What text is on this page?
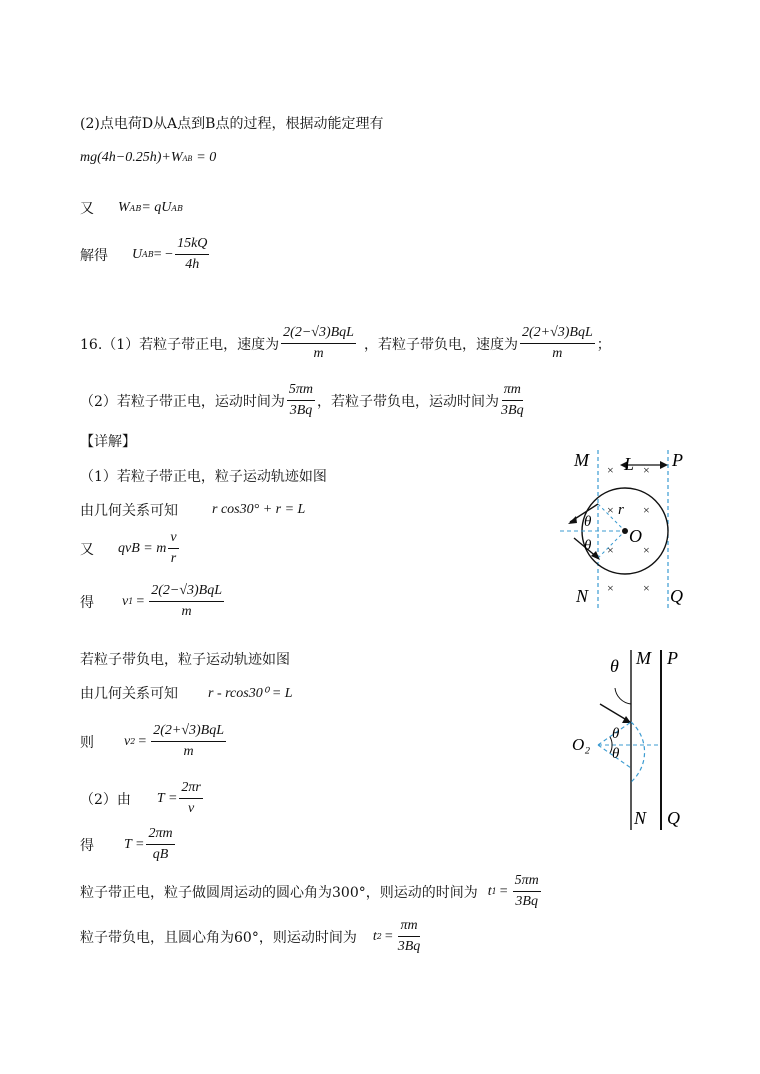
(2)点电荷D从A点到B点的过程，根据动能定理有
mg(4h−0.25h)+W AB = 0
又 W AB = qU AB
解得 U AB = − $\frac{15kQ}{4h}$
16.（1）若粒子带正电，速度为 $\frac{\text{2(2−√3)BqL}}{m}$ ，若粒子带负电，速度为 $\frac{\text{2(2+√3)BqL}}{m}$ ；
（2）若粒子带正电，运动时间为 $\frac{5\pi m}{3Bq}$ ，若粒子带负电，运动时间为 $\frac{\pi m}{3Bq}$
【详解】
（1）若粒子带正电，粒子运动轨迹如图
由几何关系可知 r cos30° + r = L
又 qvB = m $\frac{v}{r}$
得 v $1 = \frac{\text{2(2−√3)BqL}}{m}$
若粒子带负电，粒子运动轨迹如图
由几何关系可知 r - rcos30⁰ = L
则 v $2 = \frac{\text{2(2+√3)BqL}}{m}$
（2）由 $T = \frac{2\pi r}{v}$
得 $T = \frac{2\pi m}{qB}$
粒子带正电，粒子做圆周运动的圆心角为300°，则运动的时间为 t $1 = \frac{5\pi m}{3Bq}$
粒子带负电，且圆心角为60°，则运动时间为 t $2 = \frac{\pi m}{3Bq}$
M L P
N	Q
O
r
θ
θ
× ×
× ×
× ×
× ×
θ M P
N Q
O₂
θ
θ
